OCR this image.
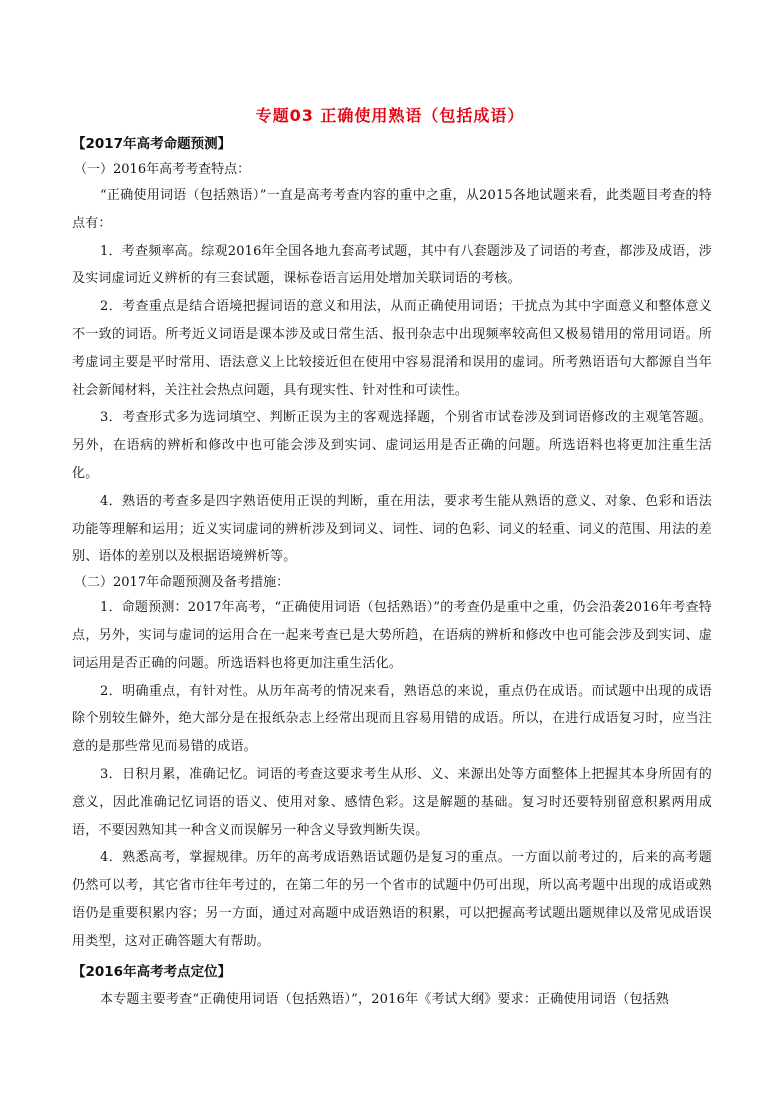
专题03 正确使用熟语（包括成语）
【2017年高考命题预测】
（一）2016年高考考查特点：

“正确使用词语（包括熟语）”一直是高考考查内容的重中之重，从2015各地试题来看，此类题目考查的特点有：

1．考查频率高。综观2016年全国各地九套高考试题，其中有八套题涉及了词语的考查，都涉及成语，涉及实词虚词近义辨析的有三套试题，课标卷语言运用处增加关联词语的考核。

2．考查重点是结合语境把握词语的意义和用法，从而正确使用词语；干扰点为其中字面意义和整体意义不一致的词语。所考近义词语是课本涉及或日常生活、报刊杂志中出现频率较高但又极易错用的常用词语。所考虚词主要是平时常用、语法意义上比较接近但在使用中容易混淆和误用的虚词。所考熟语语句大都源自当年社会新闻材料，关注社会热点问题，具有现实性、针对性和可读性。

3．考查形式多为选词填空、判断正误为主的客观选择题，个别省市试卷涉及到词语修改的主观笔答题。另外，在语病的辨析和修改中也可能会涉及到实词、虚词运用是否正确的问题。所选语料也将更加注重生活化。

4．熟语的考查多是四字熟语使用正误的判断，重在用法，要求考生能从熟语的意义、对象、色彩和语法功能等理解和运用；近义实词虚词的辨析涉及到词义、词性、词的色彩、词义的轻重、词义的范围、用法的差别、语体的差别以及根据语境辨析等。

（二）2017年命题预测及备考措施：

1．命题预测：2017年高考，“正确使用词语（包括熟语）”的考查仍是重中之重，仍会沿袭2016年考查特点，另外，实词与虚词的运用合在一起来考查已是大势所趋，在语病的辨析和修改中也可能会涉及到实词、虚词运用是否正确的问题。所选语料也将更加注重生活化。

2．明确重点，有针对性。从历年高考的情况来看，熟语总的来说，重点仍在成语。而试题中出现的成语除个别较生僻外，绝大部分是在报纸杂志上经常出现而且容易用错的成语。所以，在进行成语复习时，应当注意的是那些常见而易错的成语。

3．日积月累，准确记忆。词语的考查这要求考生从形、义、来源出处等方面整体上把握其本身所固有的意义，因此准确记忆词语的语义、使用对象、感情色彩。这是解题的基础。复习时还要特别留意积累两用成语，不要因熟知其一种含义而误解另一种含义导致判断失误。

4．熟悉高考，掌握规律。历年的高考成语熟语试题仍是复习的重点。一方面以前考过的，后来的高考题仍然可以考，其它省市往年考过的，在第二年的另一个省市的试题中仍可出现，所以高考题中出现的成语或熟语仍是重要积累内容；另一方面，通过对高题中成语熟语的积累，可以把握高考试题出题规律以及常见成语误用类型，这对正确答题大有帮助。

【2016年高考考点定位】

本专题主要考查“正确使用词语（包括熟语）”，2016年《考试大纲》要求：正确使用词语（包括熟
